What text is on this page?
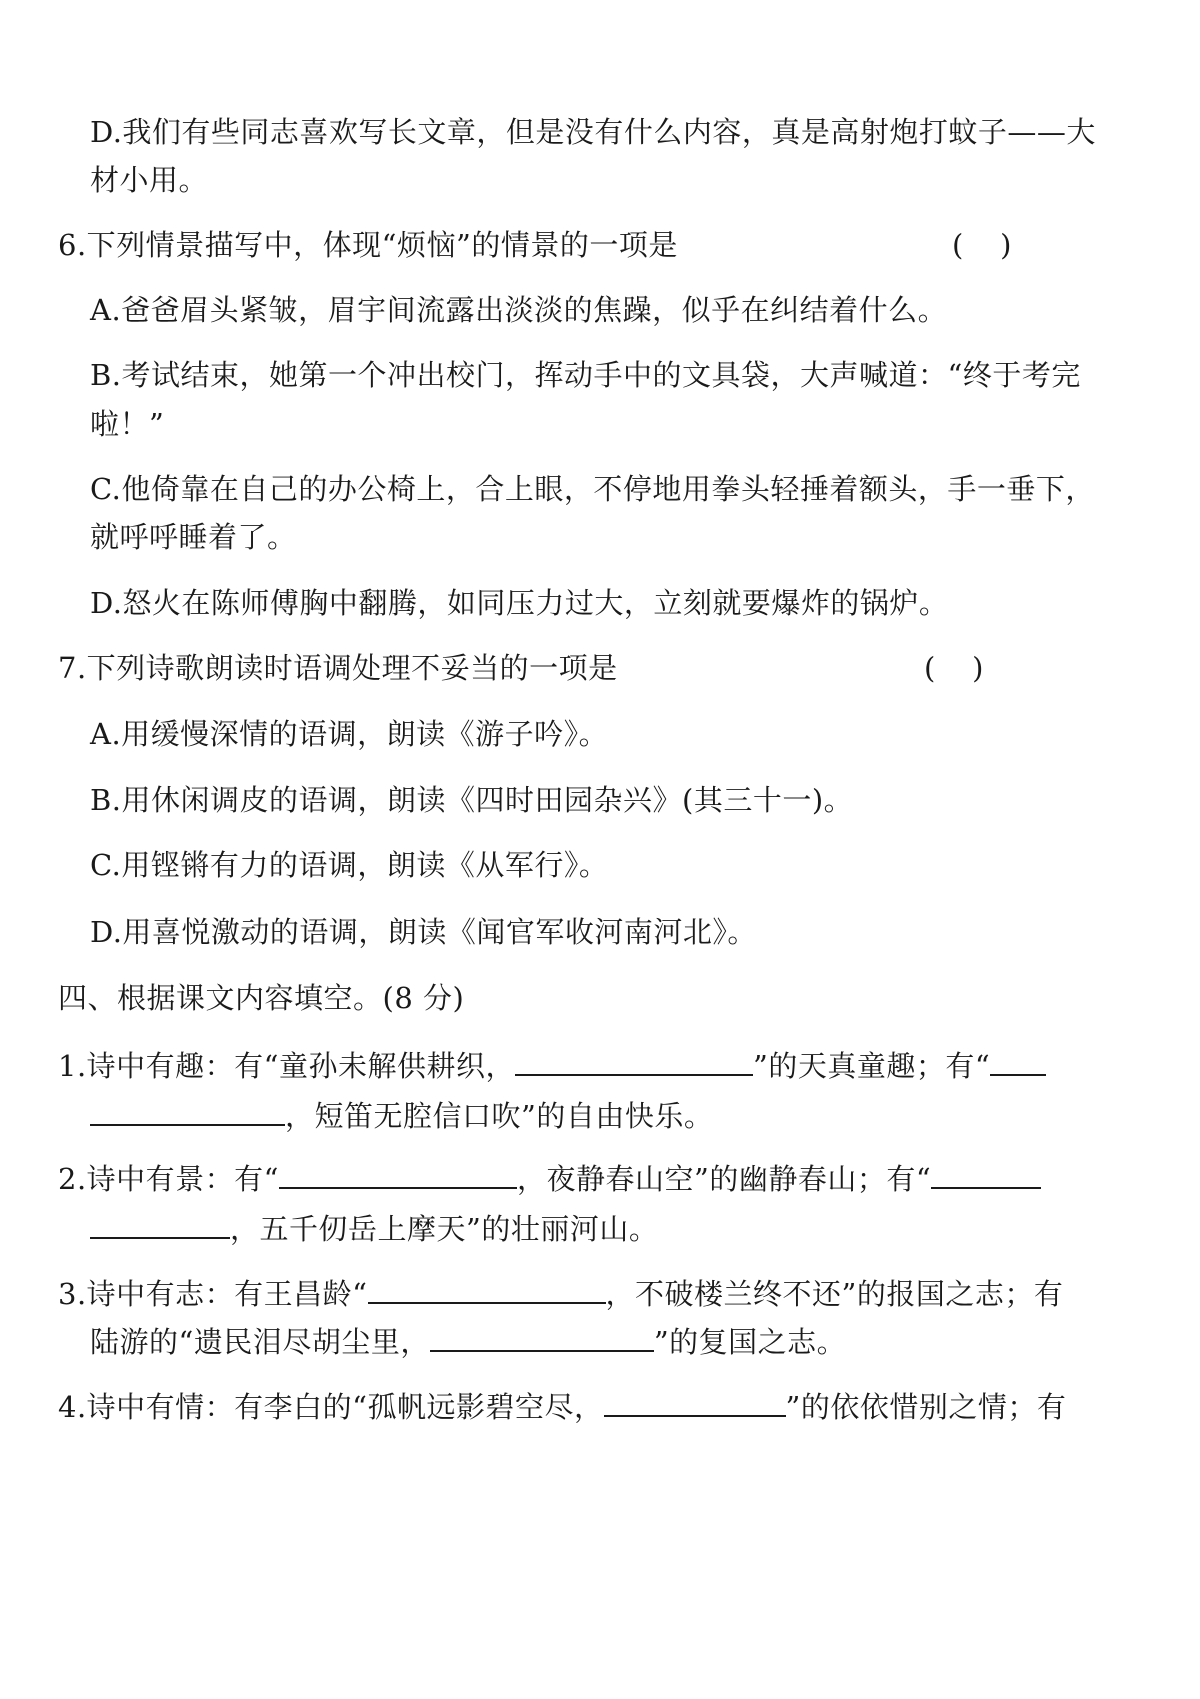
D.我们有些同志喜欢写长文章，但是没有什么内容，真是高射炮打蚊子——大
材小用。
6.下列情景描写中，体现“烦恼”的情景的一项是	(    )
A.爸爸眉头紧皱，眉宇间流露出淡淡的焦躁，似乎在纠结着什么。
B.考试结束，她第一个冲出校门，挥动手中的文具袋，大声喊道：“终于考完
啦！”
C.他倚靠在自己的办公椅上，合上眼，不停地用拳头轻捶着额头，手一垂下，
就呼呼睡着了。
D.怒火在陈师傅胸中翻腾，如同压力过大，立刻就要爆炸的锅炉。
7.下列诗歌朗读时语调处理不妥当的一项是	(    )
A.用缓慢深情的语调，朗读《游子吟》。
B.用休闲调皮的语调，朗读《四时田园杂兴》(其三十一)。
C.用铿锵有力的语调，朗读《从军行》。
D.用喜悦激动的语调，朗读《闻官军收河南河北》。
四、根据课文内容填空。(8 分)
1.诗中有趣：有“童孙未解供耕织，	”的天真童趣；有“
，短笛无腔信口吹”的自由快乐。
2.诗中有景：有“	，夜静春山空”的幽静春山；有“
，五千仞岳上摩天”的壮丽河山。
3.诗中有志：有王昌龄“	，不破楼兰终不还”的报国之志；有
陆游的“遗民泪尽胡尘里，	”的复国之志。
4.诗中有情：有李白的“孤帆远影碧空尽，	”的依依惜别之情；有
